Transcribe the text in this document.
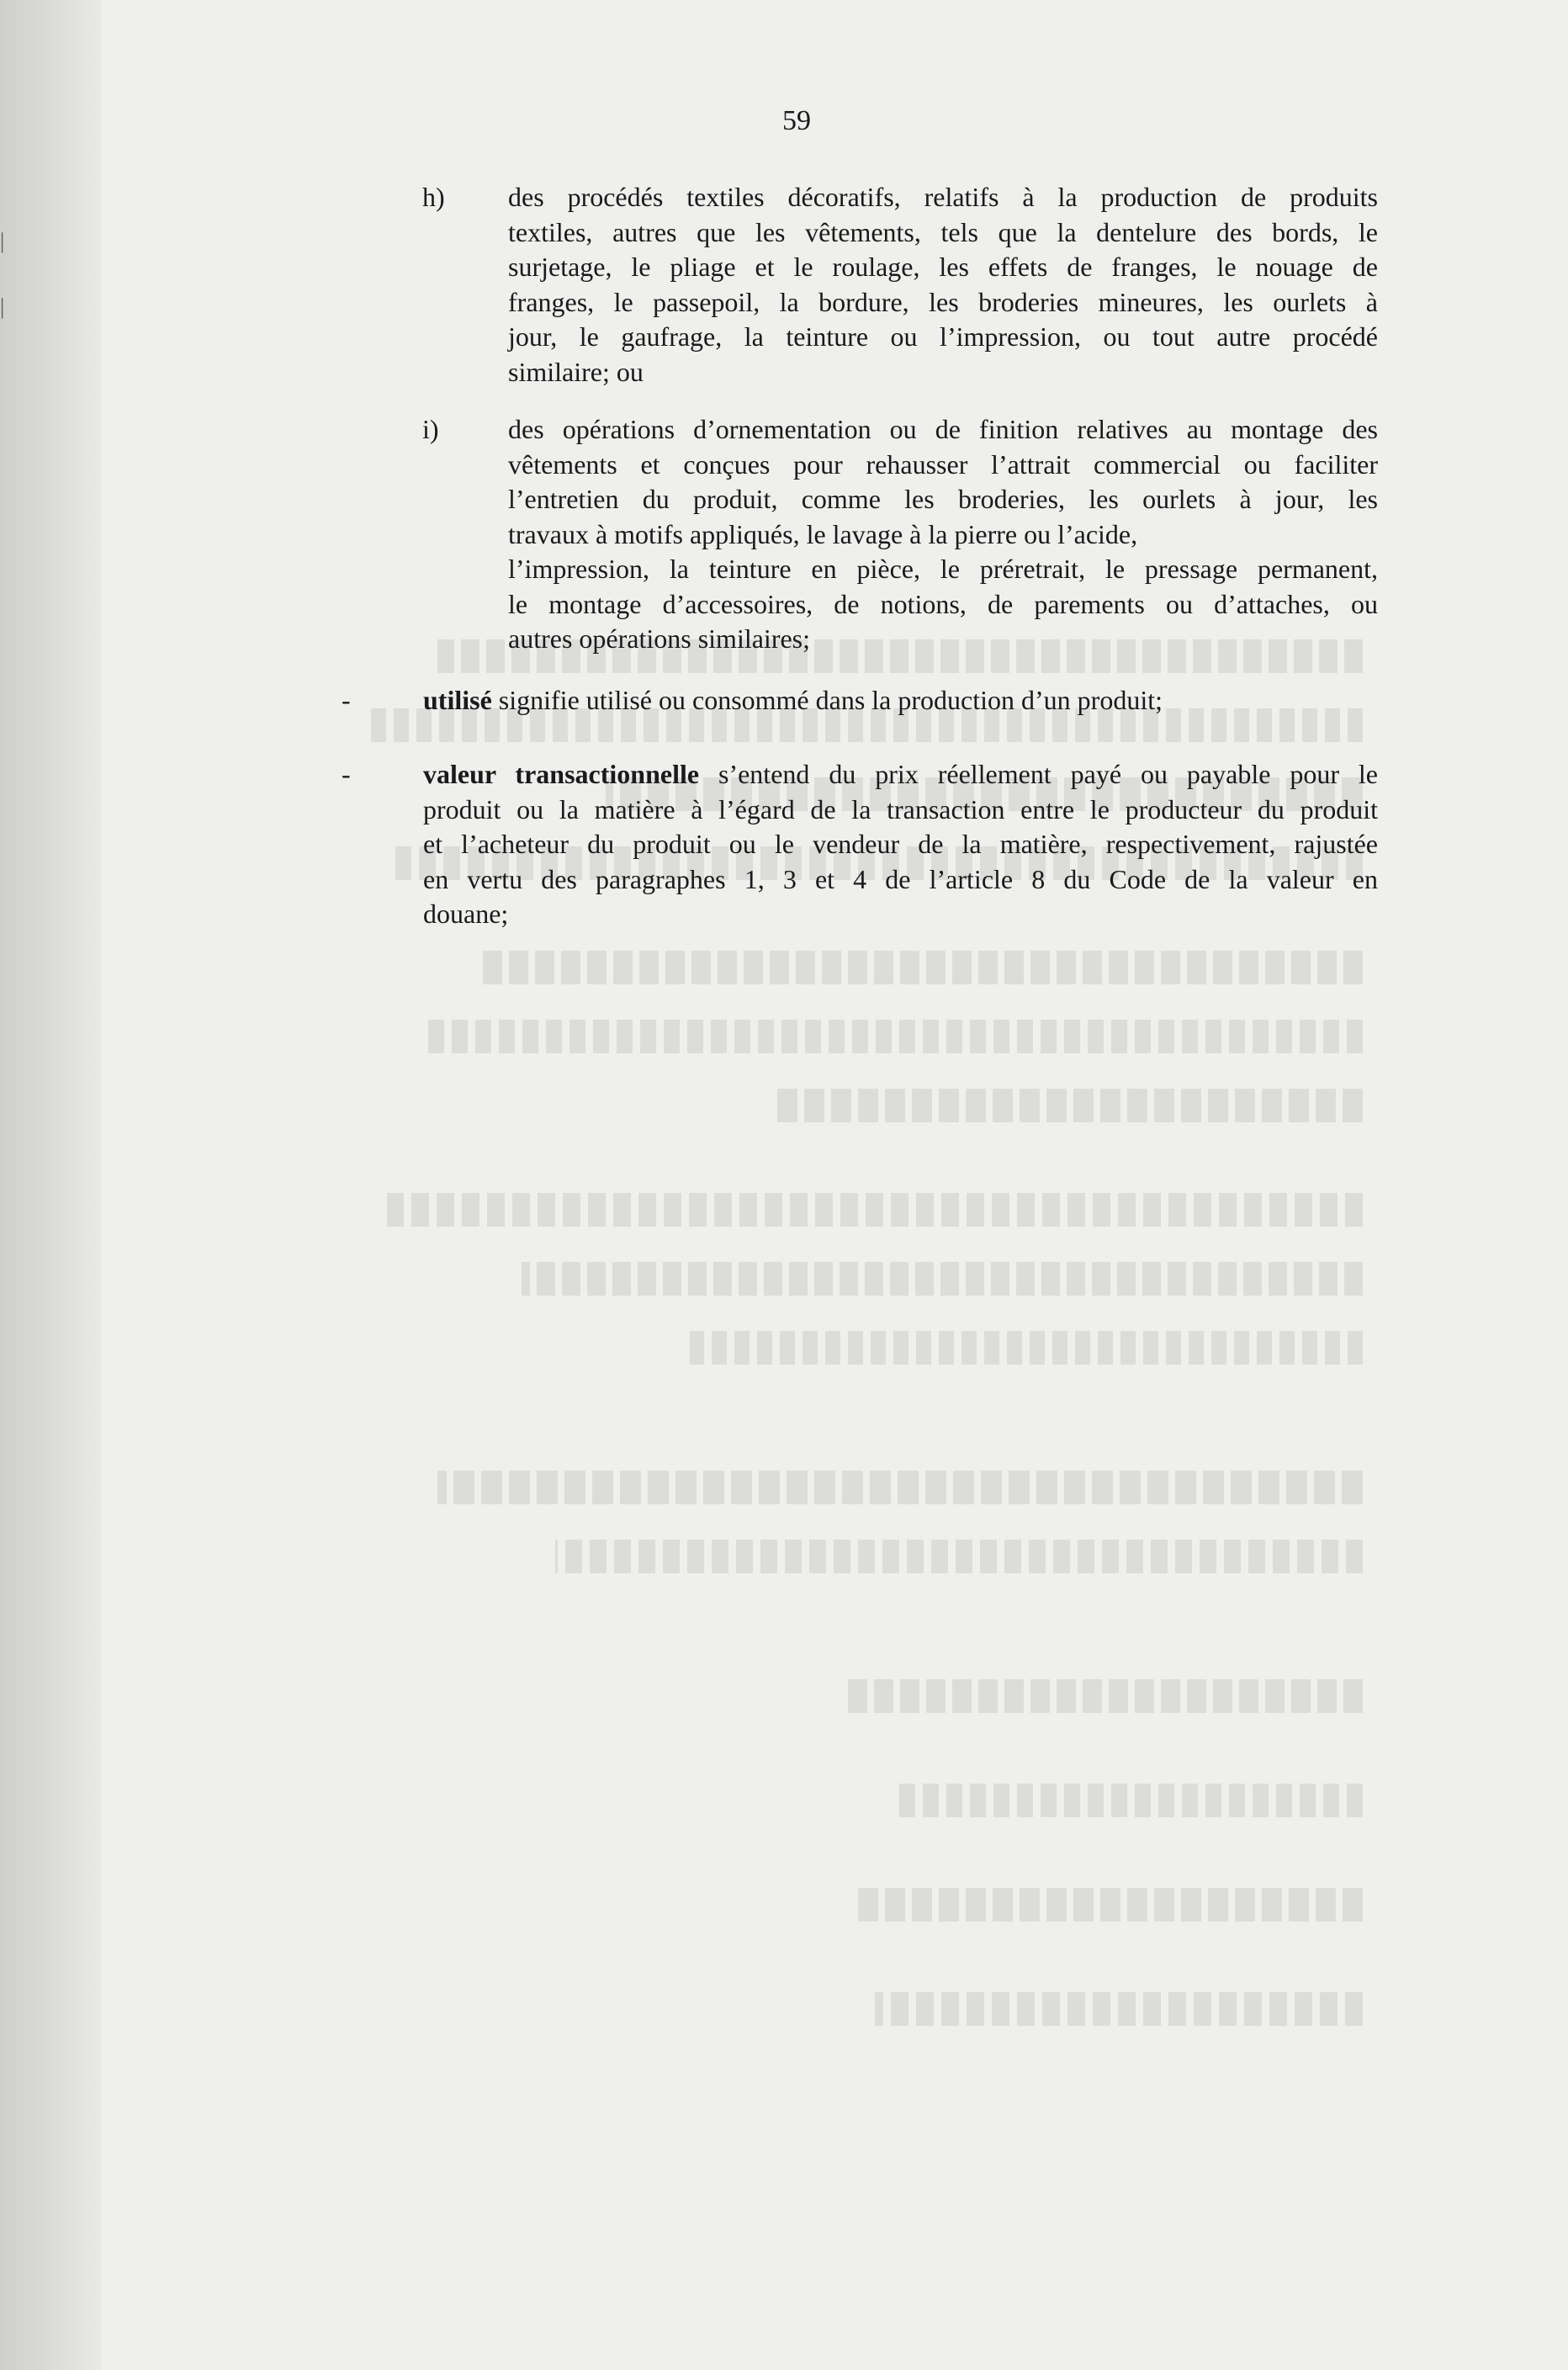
|
|
59
h) des procédés textiles décoratifs, relatifs à la production de produits
textiles, autres que les vêtements, tels que la dentelure des bords, le
surjetage, le pliage et le roulage, les effets de franges, le nouage de
franges, le passepoil, la bordure, les broderies mineures, les ourlets à
jour, le gaufrage, la teinture ou l’impression, ou tout autre procédé
similaire; ou
i)	des opérations d’ornementation ou de finition relatives au montage des
vêtements et conçues pour rehausser l’attrait commercial ou faciliter
l’entretien du produit, comme les broderies, les ourlets à jour, les
travaux à motifs appliqués, le lavage à la pierre ou l’acide,
l’impression, la teinture en pièce, le préretrait, le pressage permanent,
le montage d’accessoires, de notions, de parements ou d’attaches, ou
autres opérations similaires;
-	utilisé signifie utilisé ou consommé dans la production d’un produit;
-	valeur transactionnelle s’entend du prix réellement payé ou payable pour le
produit ou la matière à l’égard de la transaction entre le producteur du produit
et l’acheteur du produit ou le vendeur de la matière, respectivement, rajustée
en vertu des paragraphes 1, 3 et 4 de l’article 8 du Code de la valeur en
douane;
